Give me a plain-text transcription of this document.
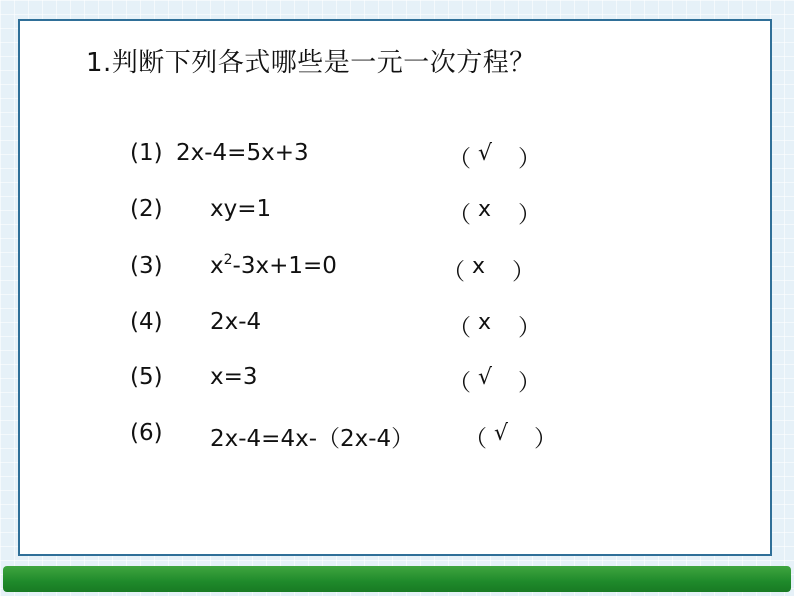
1.判断下列各式哪些是一元一次方程？
(1) 2x-4=5x+3	（ √ ）
(2) xy=1	（ x ）
(3) $x^2-3x+1=0$	（ x ）
(4) 2x-4	（ x ）
(5) x=3	（ √ ）
(6) 2x-4=4x-（2x-4） （ √ ）
